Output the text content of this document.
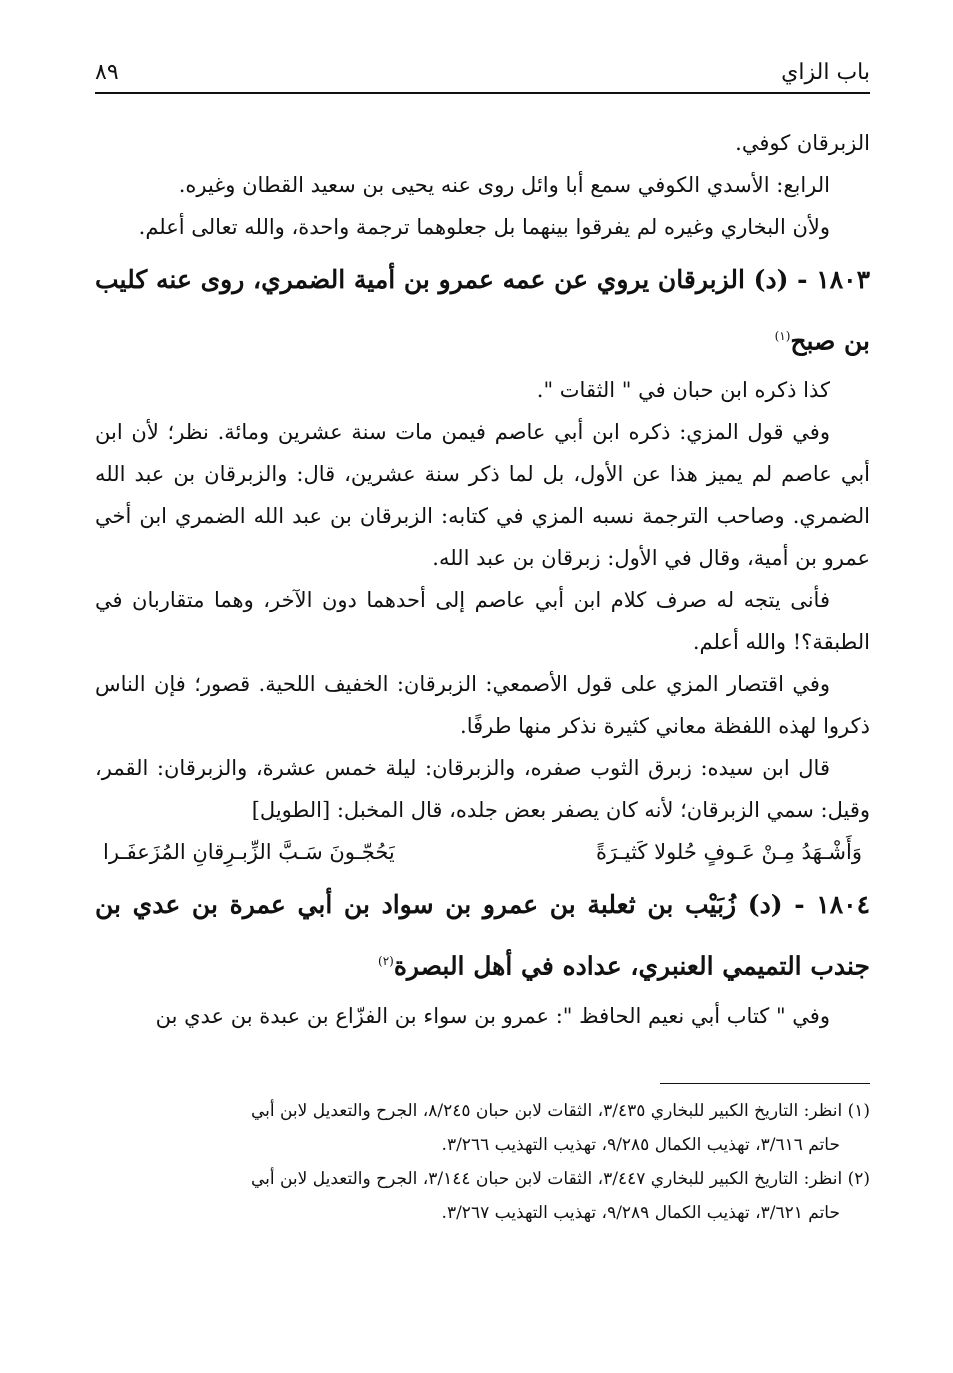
باب الزاي
٨٩

الزبرقان كوفي.

الرابع: الأسدي الكوفي سمع أبا وائل روى عنه يحيى بن سعيد القطان وغيره.

ولأن البخاري وغيره لم يفرقوا بينهما بل جعلوهما ترجمة واحدة، والله تعالى أعلم.

١٨٠٣ - (د) الزبرقان يروي عن عمه عمرو بن أمية الضمري، روى عنه كليب بن صبح$^{(١)}$

كذا ذكره ابن حبان في " الثقات ".

وفي قول المزي: ذكره ابن أبي عاصم فيمن مات سنة عشرين ومائة. نظر؛ لأن ابن أبي عاصم لم يميز هذا عن الأول، بل لما ذكر سنة عشرين، قال: والزبرقان بن عبد الله الضمري. وصاحب الترجمة نسبه المزي في كتابه: الزبرقان بن عبد الله الضمري ابن أخي عمرو بن أمية، وقال في الأول: زبرقان بن عبد الله.

فأنى يتجه له صرف كلام ابن أبي عاصم إلى أحدهما دون الآخر، وهما متقاربان في الطبقة؟! والله أعلم.

وفي اقتصار المزي على قول الأصمعي: الزبرقان: الخفيف اللحية. قصور؛ فإن الناس ذكروا لهذه اللفظة معاني كثيرة نذكر منها طرفًا.

قال ابن سيده: زبرق الثوب صفره، والزبرقان: ليلة خمس عشرة، والزبرقان: القمر، وقيل: سمي الزبرقان؛ لأنه كان يصفر بعض جلده، قال المخبل: [الطويل]

وَأَشْـهَدُ مِـنْ عَـوفٍ حُلولا كَثيـرَةً
يَحُجّـونَ سَـبَّ الزِّبـرِقانِ المُزَعفَـرا

١٨٠٤ - (د) زُبَيْب بن ثعلبة بن عمرو بن سواد بن أبي عمرة بن عدي بن جندب التميمي العنبري، عداده في أهل البصرة$^{(٢)}$

وفي " كتاب أبي نعيم الحافظ ": عمرو بن سواء بن الفزّاع بن عبدة بن عدي بن

(١) انظر: التاريخ الكبير للبخاري ٣/٤٣٥، الثقات لابن حبان ٨/٢٤٥، الجرح والتعديل لابن أبي

حاتم ٣/٦١٦، تهذيب الكمال ٩/٢٨٥، تهذيب التهذيب ٣/٢٦٦.

(٢) انظر: التاريخ الكبير للبخاري ٣/٤٤٧، الثقات لابن حبان ٣/١٤٤، الجرح والتعديل لابن أبي

حاتم ٣/٦٢١، تهذيب الكمال ٩/٢٨٩، تهذيب التهذيب ٣/٢٦٧.
